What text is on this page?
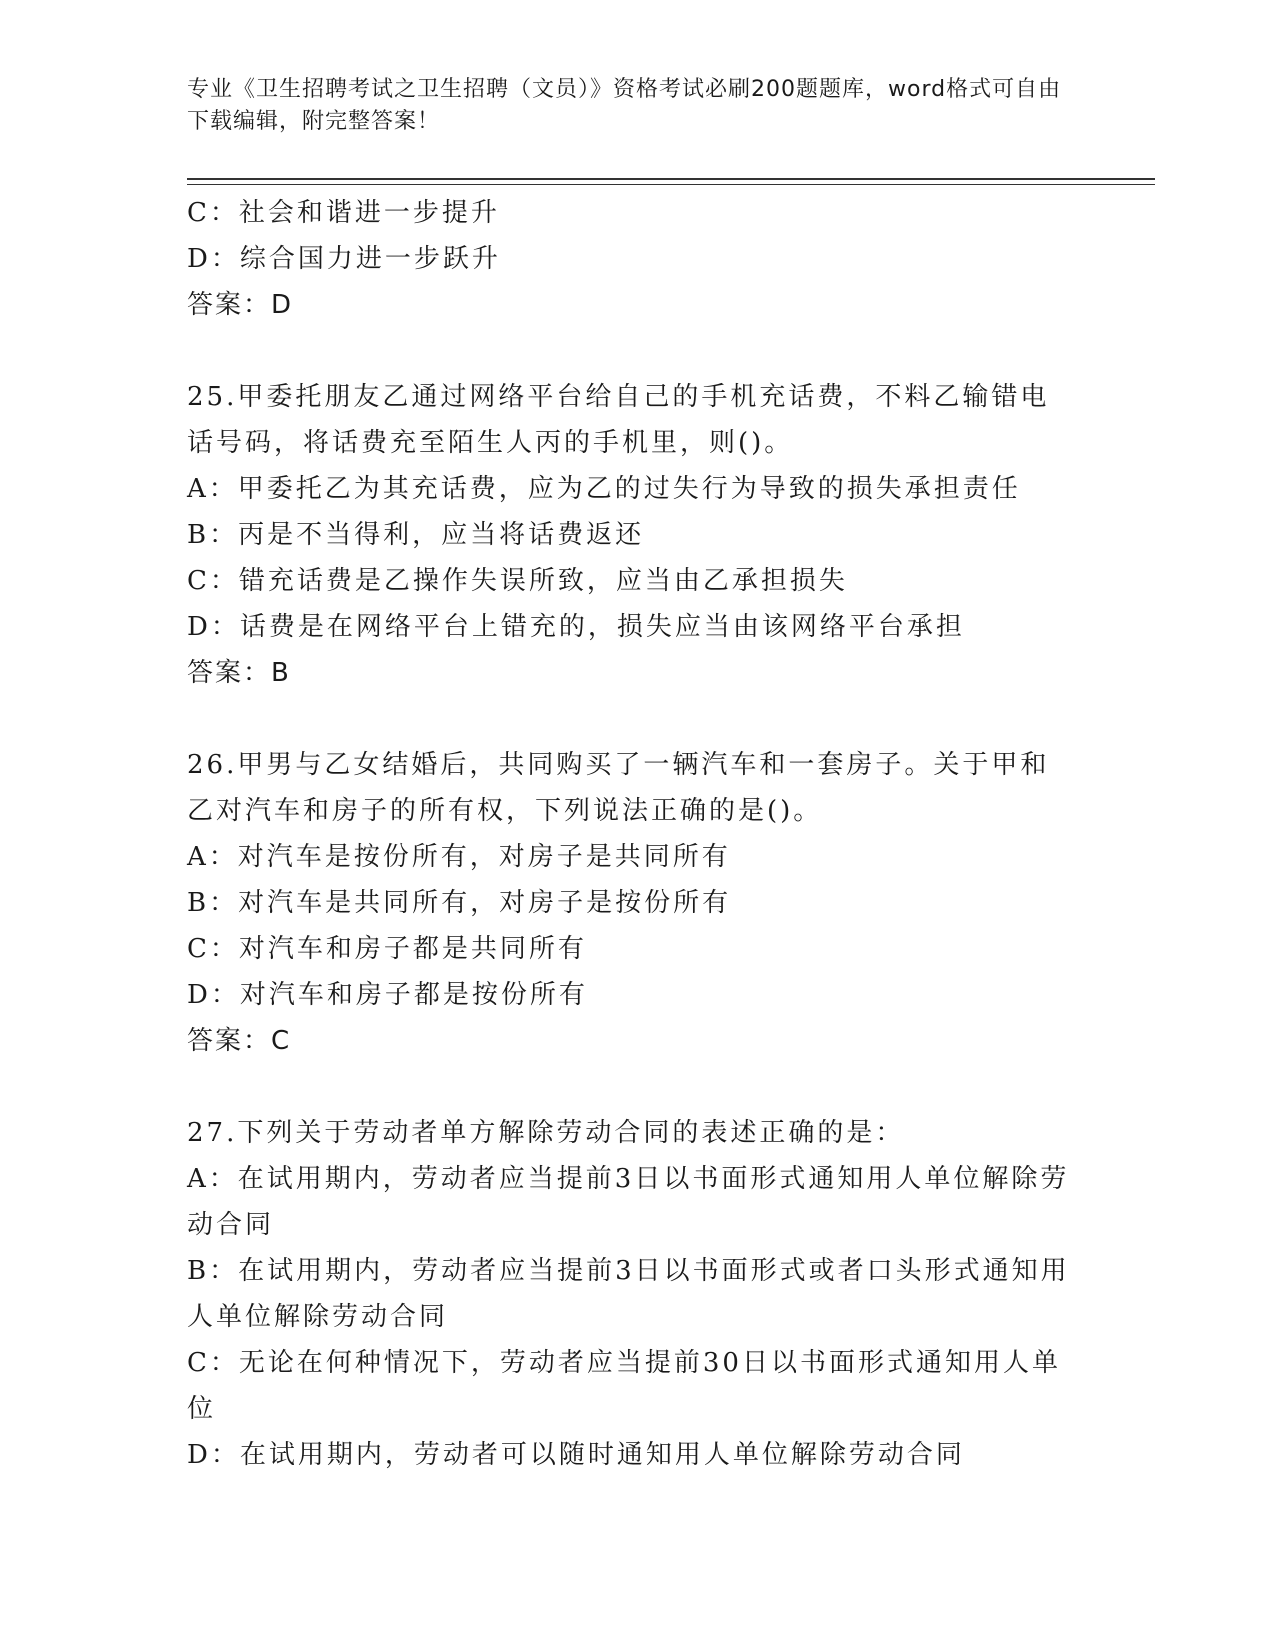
专业《卫生招聘考试之卫生招聘（文员）》资格考试必刷200题题库，word格式可自由下载编辑，附完整答案！

C：社会和谐进一步提升

D：综合国力进一步跃升

答案：D

25.甲委托朋友乙通过网络平台给自己的手机充话费，不料乙输错电话号码，将话费充至陌生人丙的手机里，则()。

A：甲委托乙为其充话费，应为乙的过失行为导致的损失承担责任

B：丙是不当得利，应当将话费返还

C：错充话费是乙操作失误所致，应当由乙承担损失

D：话费是在网络平台上错充的，损失应当由该网络平台承担

答案：B

26.甲男与乙女结婚后，共同购买了一辆汽车和一套房子。关于甲和乙对汽车和房子的所有权，下列说法正确的是()。

A：对汽车是按份所有，对房子是共同所有

B：对汽车是共同所有，对房子是按份所有

C：对汽车和房子都是共同所有

D：对汽车和房子都是按份所有

答案：C

27.下列关于劳动者单方解除劳动合同的表述正确的是：

A：在试用期内，劳动者应当提前3日以书面形式通知用人单位解除劳动合同

B：在试用期内，劳动者应当提前3日以书面形式或者口头形式通知用人单位解除劳动合同

C：无论在何种情况下，劳动者应当提前30日以书面形式通知用人单位

D：在试用期内，劳动者可以随时通知用人单位解除劳动合同
